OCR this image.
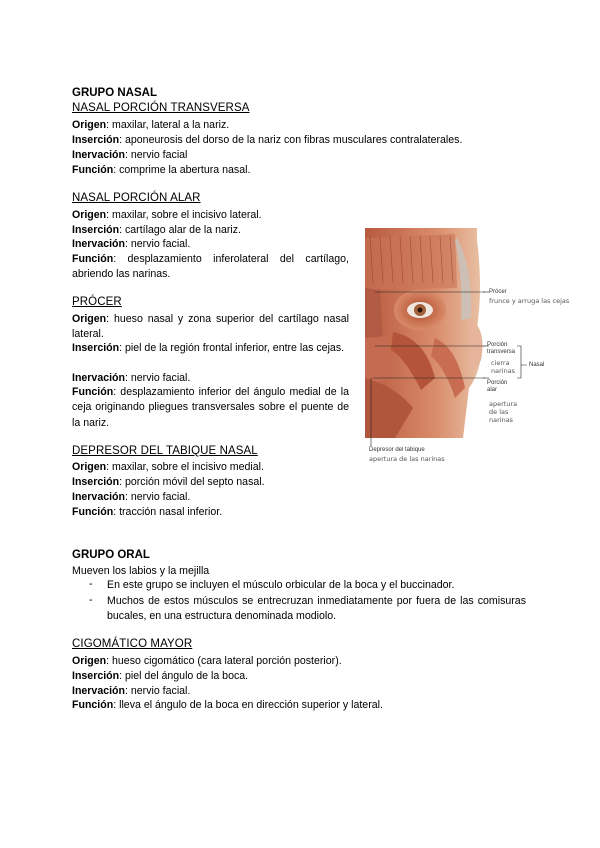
GRUPO NASAL
NASAL PORCIÓN TRANSVERSA
Origen: maxilar, lateral a la nariz.
Inserción: aponeurosis del dorso de la nariz con fibras musculares contralaterales.
Inervación: nervio facial
Función: comprime la abertura nasal.
NASAL PORCIÓN ALAR
Origen: maxilar, sobre el incisivo lateral.
Inserción: cartílago alar de la nariz.
Inervación: nervio facial.
Función: desplazamiento inferolateral del cartílago, abriendo las narinas.
PRÓCER
Origen: hueso nasal y zona superior del cartílago nasal lateral.
Inserción: piel de la región frontal inferior, entre las cejas.
Inervación: nervio facial.
Función: desplazamiento inferior del ángulo medial de la ceja originando pliegues transversales sobre el puente de la nariz.
DEPRESOR DEL TABIQUE NASAL
Origen: maxilar, sobre el incisivo medial.
Inserción: porción móvil del septo nasal.
Inervación: nervio facial.
Función: tracción nasal inferior.
GRUPO ORAL
Mueven los labios y la mejilla
- En este grupo se incluyen el músculo orbicular de la boca y el buccinador.
- Muchos de estos músculos se entrecruzan inmediatamente por fuera de las comisuras bucales, en una estructura denominada modiolo.
CIGOMÁTICO MAYOR
Origen: hueso cigomático (cara lateral porción posterior).
Inserción: piel del ángulo de la boca.
Inervación: nervio facial.
Función: lleva el ángulo de la boca en dirección superior y lateral.
Prócer
frunce y arruga las cejas
Porción
transversa
cierra
narinas
Nasal
Porción
alar
apertura
de las
narinas
Depresor del tabique
apertura de las narinas
